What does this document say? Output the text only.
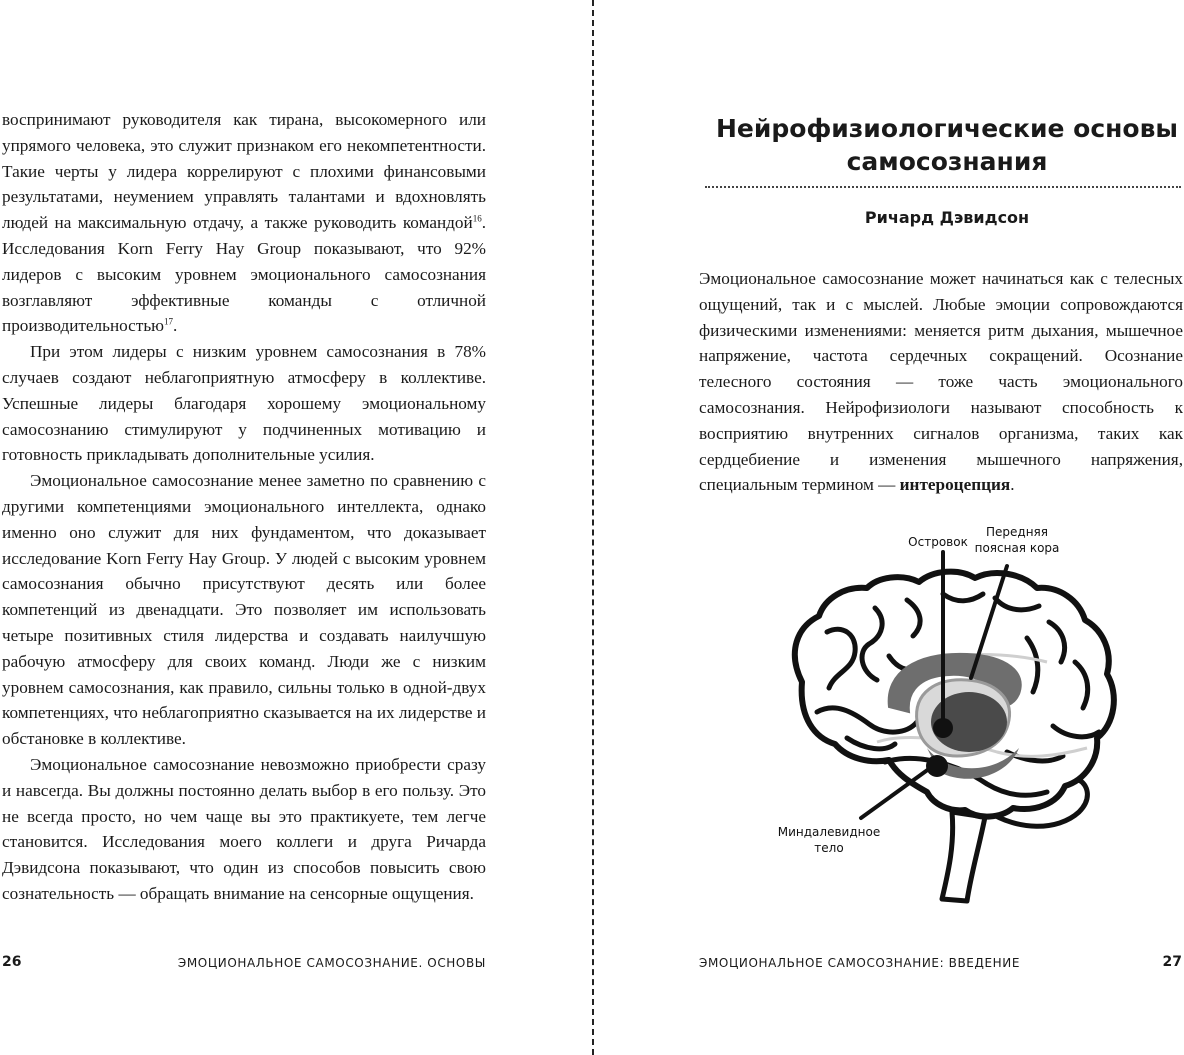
воспринимают руководителя как тирана, высокомерного или упрямого человека, это служит признаком его некомпетентности. Такие черты у лидера коррелируют с плохими финансовыми результатами, неумением управлять талантами и вдохновлять людей на максимальную отдачу, а также руководить командой$^{16}$. Исследования Korn Ferry Hay Group показывают, что 92% лидеров с высоким уровнем эмоционального самосознания возглавляют эффективные команды с отличной производительностью$^{17}$.

При этом лидеры с низким уровнем самосознания в 78% случаев создают неблагоприятную атмосферу в коллективе. Успешные лидеры благодаря хорошему эмоциональному самосознанию стимулируют у подчиненных мотивацию и готовность прикладывать дополнительные усилия.

Эмоциональное самосознание менее заметно по сравнению с другими компетенциями эмоционального интеллекта, однако именно оно служит для них фундаментом, что доказывает исследование Korn Ferry Hay Group. У людей с высоким уровнем самосознания обычно присутствуют десять или более компетенций из двенадцати. Это позволяет им использовать четыре позитивных стиля лидерства и создавать наилучшую рабочую атмосферу для своих команд. Люди же с низким уровнем самосознания, как правило, сильны только в одной-двух компетенциях, что неблагоприятно сказывается на их лидерстве и обстановке в коллективе.

Эмоциональное самосознание невозможно приобрести сразу и навсегда. Вы должны постоянно делать выбор в его пользу. Это не всегда просто, но чем чаще вы это практикуете, тем легче становится. Исследования моего коллеги и друга Ричарда Дэвидсона показывают, что один из способов повысить свою сознательность — обращать внимание на сенсорные ощущения.

26	ЭМОЦИОНАЛЬНОЕ САМОСОЗНАНИЕ. ОСНОВЫ
Нейрофизиологические основы самосознания
Ричард Дэвидсон

Эмоциональное самосознание может начинаться как с телесных ощущений, так и с мыслей. Любые эмоции сопровождаются физическими изменениями: меняется ритм дыхания, мышечное напряжение, частота сердечных сокращений. Осознание телесного состояния — тоже часть эмоционального самосознания. Нейрофизиологи называют способность к восприятию внутренних сигналов организма, таких как сердцебиение и изменения мышечного напряжения, специальным термином — интероцепция.

Островок
Передняя
поясная кора
Миндалевидное
тело
ЭМОЦИОНАЛЬНОЕ САМОСОЗНАНИЕ: ВВЕДЕНИЕ	27
